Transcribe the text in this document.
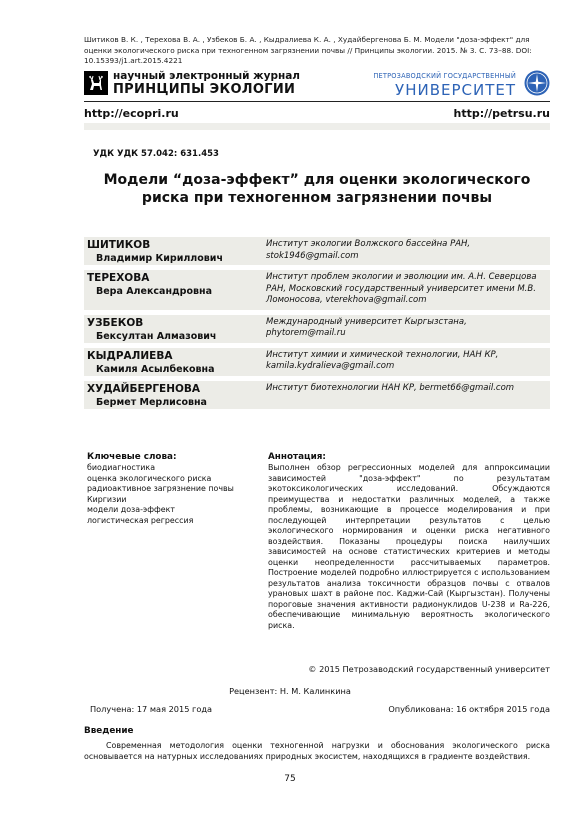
Шитиков В. К. , Терехова В. А. , Узбеков Б. А. , Кыдралиева К. А. , Худайбергенова Б. М. Модели "доза-эффект" для оценки экологического риска при техногенном загрязнении почвы // Принципы экологии. 2015. № 3. С. 73–88. DOI: 10.15393/j1.art.2015.4221
научный электронный журнал
ПРИНЦИПЫ ЭКОЛОГИИ
ПЕТРОЗАВОДСКИЙ ГОСУДАРСТВЕННЫЙ
УНИВЕРСИТЕТ
http://ecopri.ru	http://petrsu.ru
УДК УДК 57.042: 631.453
Модели “доза-эффект” для оценки экологического риска при техногенном загрязнении почвы
ШИТИКОВ
Владимир Кириллович
Институт экологии Волжского бассейна РАН, stok1946@gmail.com
ТЕРЕХОВА
Вера Александровна
Институт проблем экологии и эволюции им. А.Н. Северцова РАН, Московский государственный университет имени М.В. Ломоносова, vterekhova@gmail.com
УЗБЕКОВ
Бексултан Алмазович
Международный университет Кыргызстана, phytorem@mail.ru
КЫДРАЛИЕВА
Камиля Асылбековна
Институт химии и химической технологии, НАН КР, kamila.kydralieva@gmail.com
ХУДАЙБЕРГЕНОВА
Бермет Мерлисовна
Институт биотехнологии НАН КР, bermet66@gmail.com
Ключевые слова:
биодиагностика
оценка экологического риска
радиоактивное загрязнение почвы Киргизии
модели доза-эффект
логистическая регрессия
Аннотация:
Выполнен обзор регрессионных моделей для аппроксимации зависимостей "доза-эффект" по результатам экотоксикологических исследований. Обсуждаются преимущества и недостатки различных моделей, а также проблемы, возникающие в процессе моделирования и при последующей интерпретации результатов с целью экологического нормирования и оценки риска негативного воздействия. Показаны процедуры поиска наилучших зависимостей на основе статистических критериев и методы оценки неопределенности рассчитываемых параметров. Построение моделей подробно иллюстрируется с использованием результатов анализа токсичности образцов почвы с отвалов урановых шахт в районе пос. Каджи-Сай (Кыргызстан). Получены пороговые значения активности радионуклидов U-238 и Ra-226, обеспечивающие минимальную вероятность экологического риска.
© 2015 Петрозаводский государственный университет
Рецензент: Н. М. Калинкина
Получена: 17 мая 2015 года	Опубликована: 16 октября 2015 года
Введение
Современная методология оценки техногенной нагрузки и обоснования экологического риска основывается на натурных исследованиях природных экосистем, находящихся в градиенте воздействия.
75
